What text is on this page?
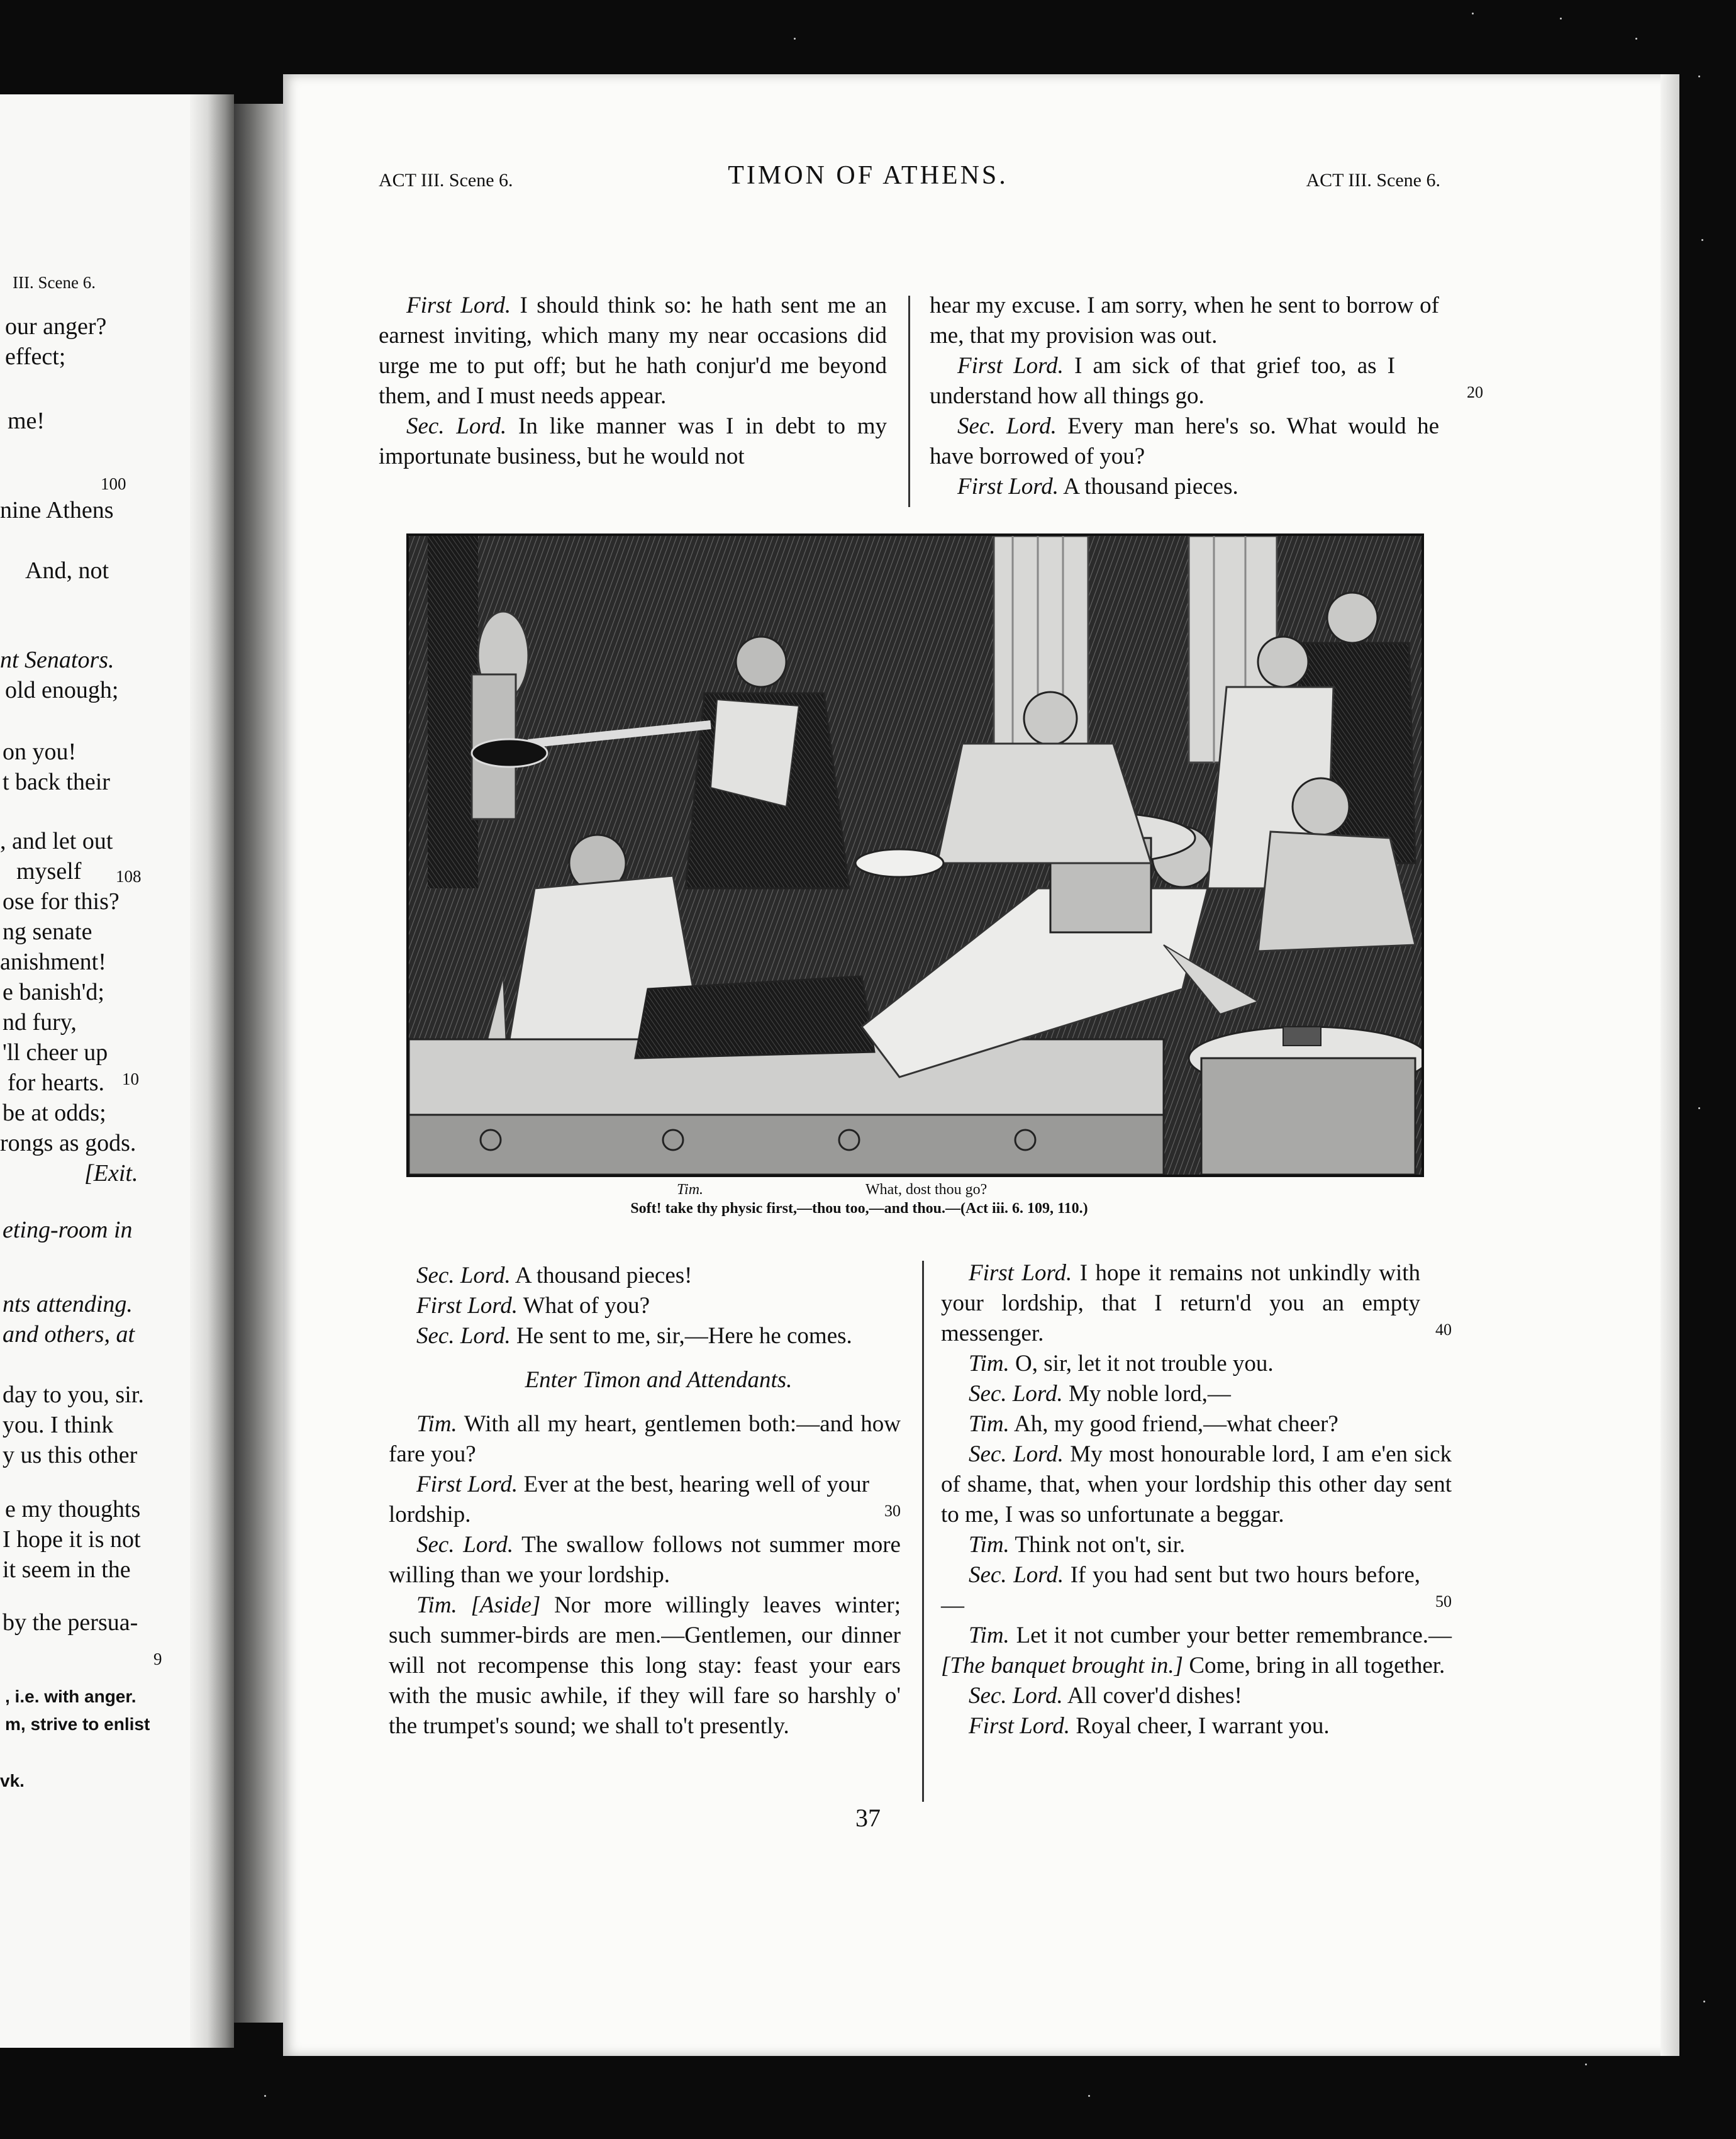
III. Scene 6.
our anger?
effect;
me!
100
nine Athens
And, not
nt Senators.
old enough;
on you!
t back their
, and let out
myself 108
ose for this?
ng senate
anishment!
e banish'd;
nd fury,
'll cheer up
for hearts. 10
be at odds;
rongs as gods.
[Exit.
eting-room in
nts attending.
and others, at
day to you, sir.
you. I think
y us this other
e my thoughts
I hope it is not
it seem in the
by the persua-
9
, i.e. with anger.
m, strive to enlist
vk.
ACT III. Scene 6.	TIMON OF ATHENS.	ACT III. Scene 6.

First Lord. I should think so: he hath sent me an earnest inviting, which many my near occasions did urge me to put off; but he hath conjur'd me beyond them, and I must needs appear.

Sec. Lord. In like manner was I in debt to my importunate business, but he would not

hear my excuse. I am sorry, when he sent to borrow of me, that my provision was out.

First Lord. I am sick of that grief too, as I understand how all things go.	20

Sec. Lord. Every man here's so. What would he have borrowed of you?

First Lord. A thousand pieces.

Tim.	What, dost thou go?
Soft! take thy physic first,—thou too,—and thou.—(Act iii. 6. 109, 110.)

Sec. Lord. A thousand pieces!

First Lord. What of you?

Sec. Lord. He sent to me, sir,—Here he comes.

Enter Timon and Attendants.

Tim. With all my heart, gentlemen both:—and how fare you?

First Lord. Ever at the best, hearing well of your lordship.	30

Sec. Lord. The swallow follows not summer more willing than we your lordship.

Tim. [Aside] Nor more willingly leaves winter; such summer-birds are men.—Gentlemen, our dinner will not recompense this long stay: feast your ears with the music awhile, if they will fare so harshly o' the trumpet's sound; we shall to't presently.

First Lord. I hope it remains not unkindly with your lordship, that I return'd you an empty messenger.	40

Tim. O, sir, let it not trouble you.

Sec. Lord. My noble lord,—

Tim. Ah, my good friend,—what cheer?

Sec. Lord. My most honourable lord, I am e'en sick of shame, that, when your lordship this other day sent to me, I was so unfortunate a beggar.

Tim. Think not on't, sir.

Sec. Lord. If you had sent but two hours before,—	50

Tim. Let it not cumber your better remembrance.— [The banquet brought in.] Come, bring in all together.

Sec. Lord. All cover'd dishes!

First Lord. Royal cheer, I warrant you.

37
